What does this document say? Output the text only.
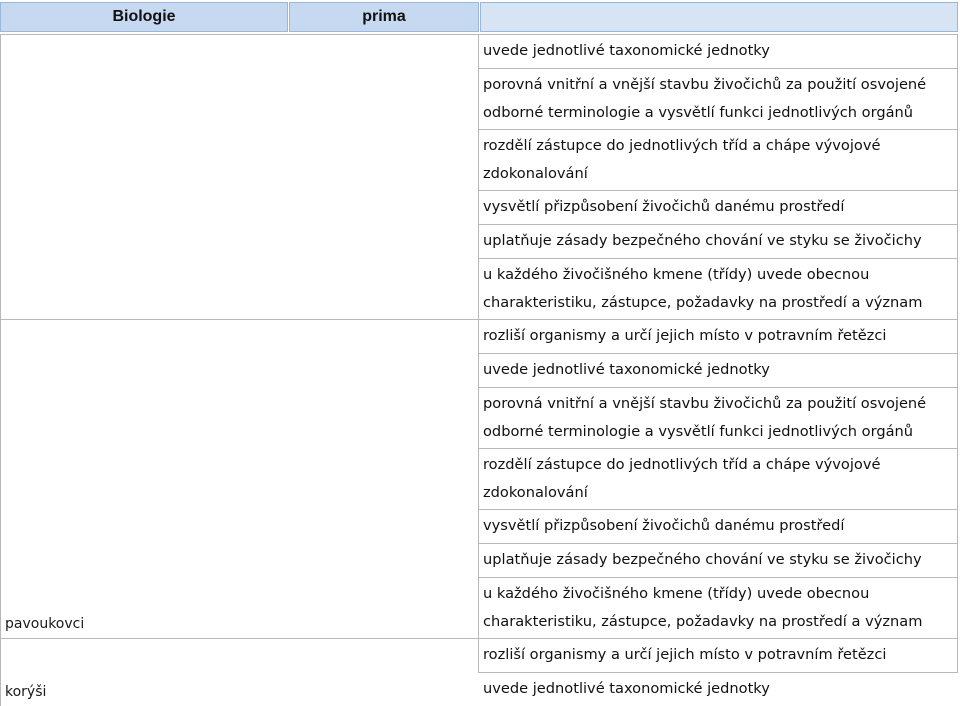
Biologie	prima
pavoukovci
korýši
uvede jednotlivé taxonomické jednotky
porovná vnitřní a vnější stavbu živočichů za použití osvojené
odborné terminologie a vysvětlí funkci jednotlivých orgánů
rozdělí zástupce do jednotlivých tříd a chápe vývojové
zdokonalování
vysvětlí přizpůsobení živočichů danému prostředí
uplatňuje zásady bezpečného chování ve styku se živočichy
u každého živočišného kmene (třídy) uvede obecnou
charakteristiku, zástupce, požadavky na prostředí a význam
rozliší organismy a určí jejich místo v potravním řetězci
uvede jednotlivé taxonomické jednotky
porovná vnitřní a vnější stavbu živočichů za použití osvojené
odborné terminologie a vysvětlí funkci jednotlivých orgánů
rozdělí zástupce do jednotlivých tříd a chápe vývojové
zdokonalování
vysvětlí přizpůsobení živočichů danému prostředí
uplatňuje zásady bezpečného chování ve styku se živočichy
u každého živočišného kmene (třídy) uvede obecnou
charakteristiku, zástupce, požadavky na prostředí a význam
rozliší organismy a určí jejich místo v potravním řetězci
uvede jednotlivé taxonomické jednotky
